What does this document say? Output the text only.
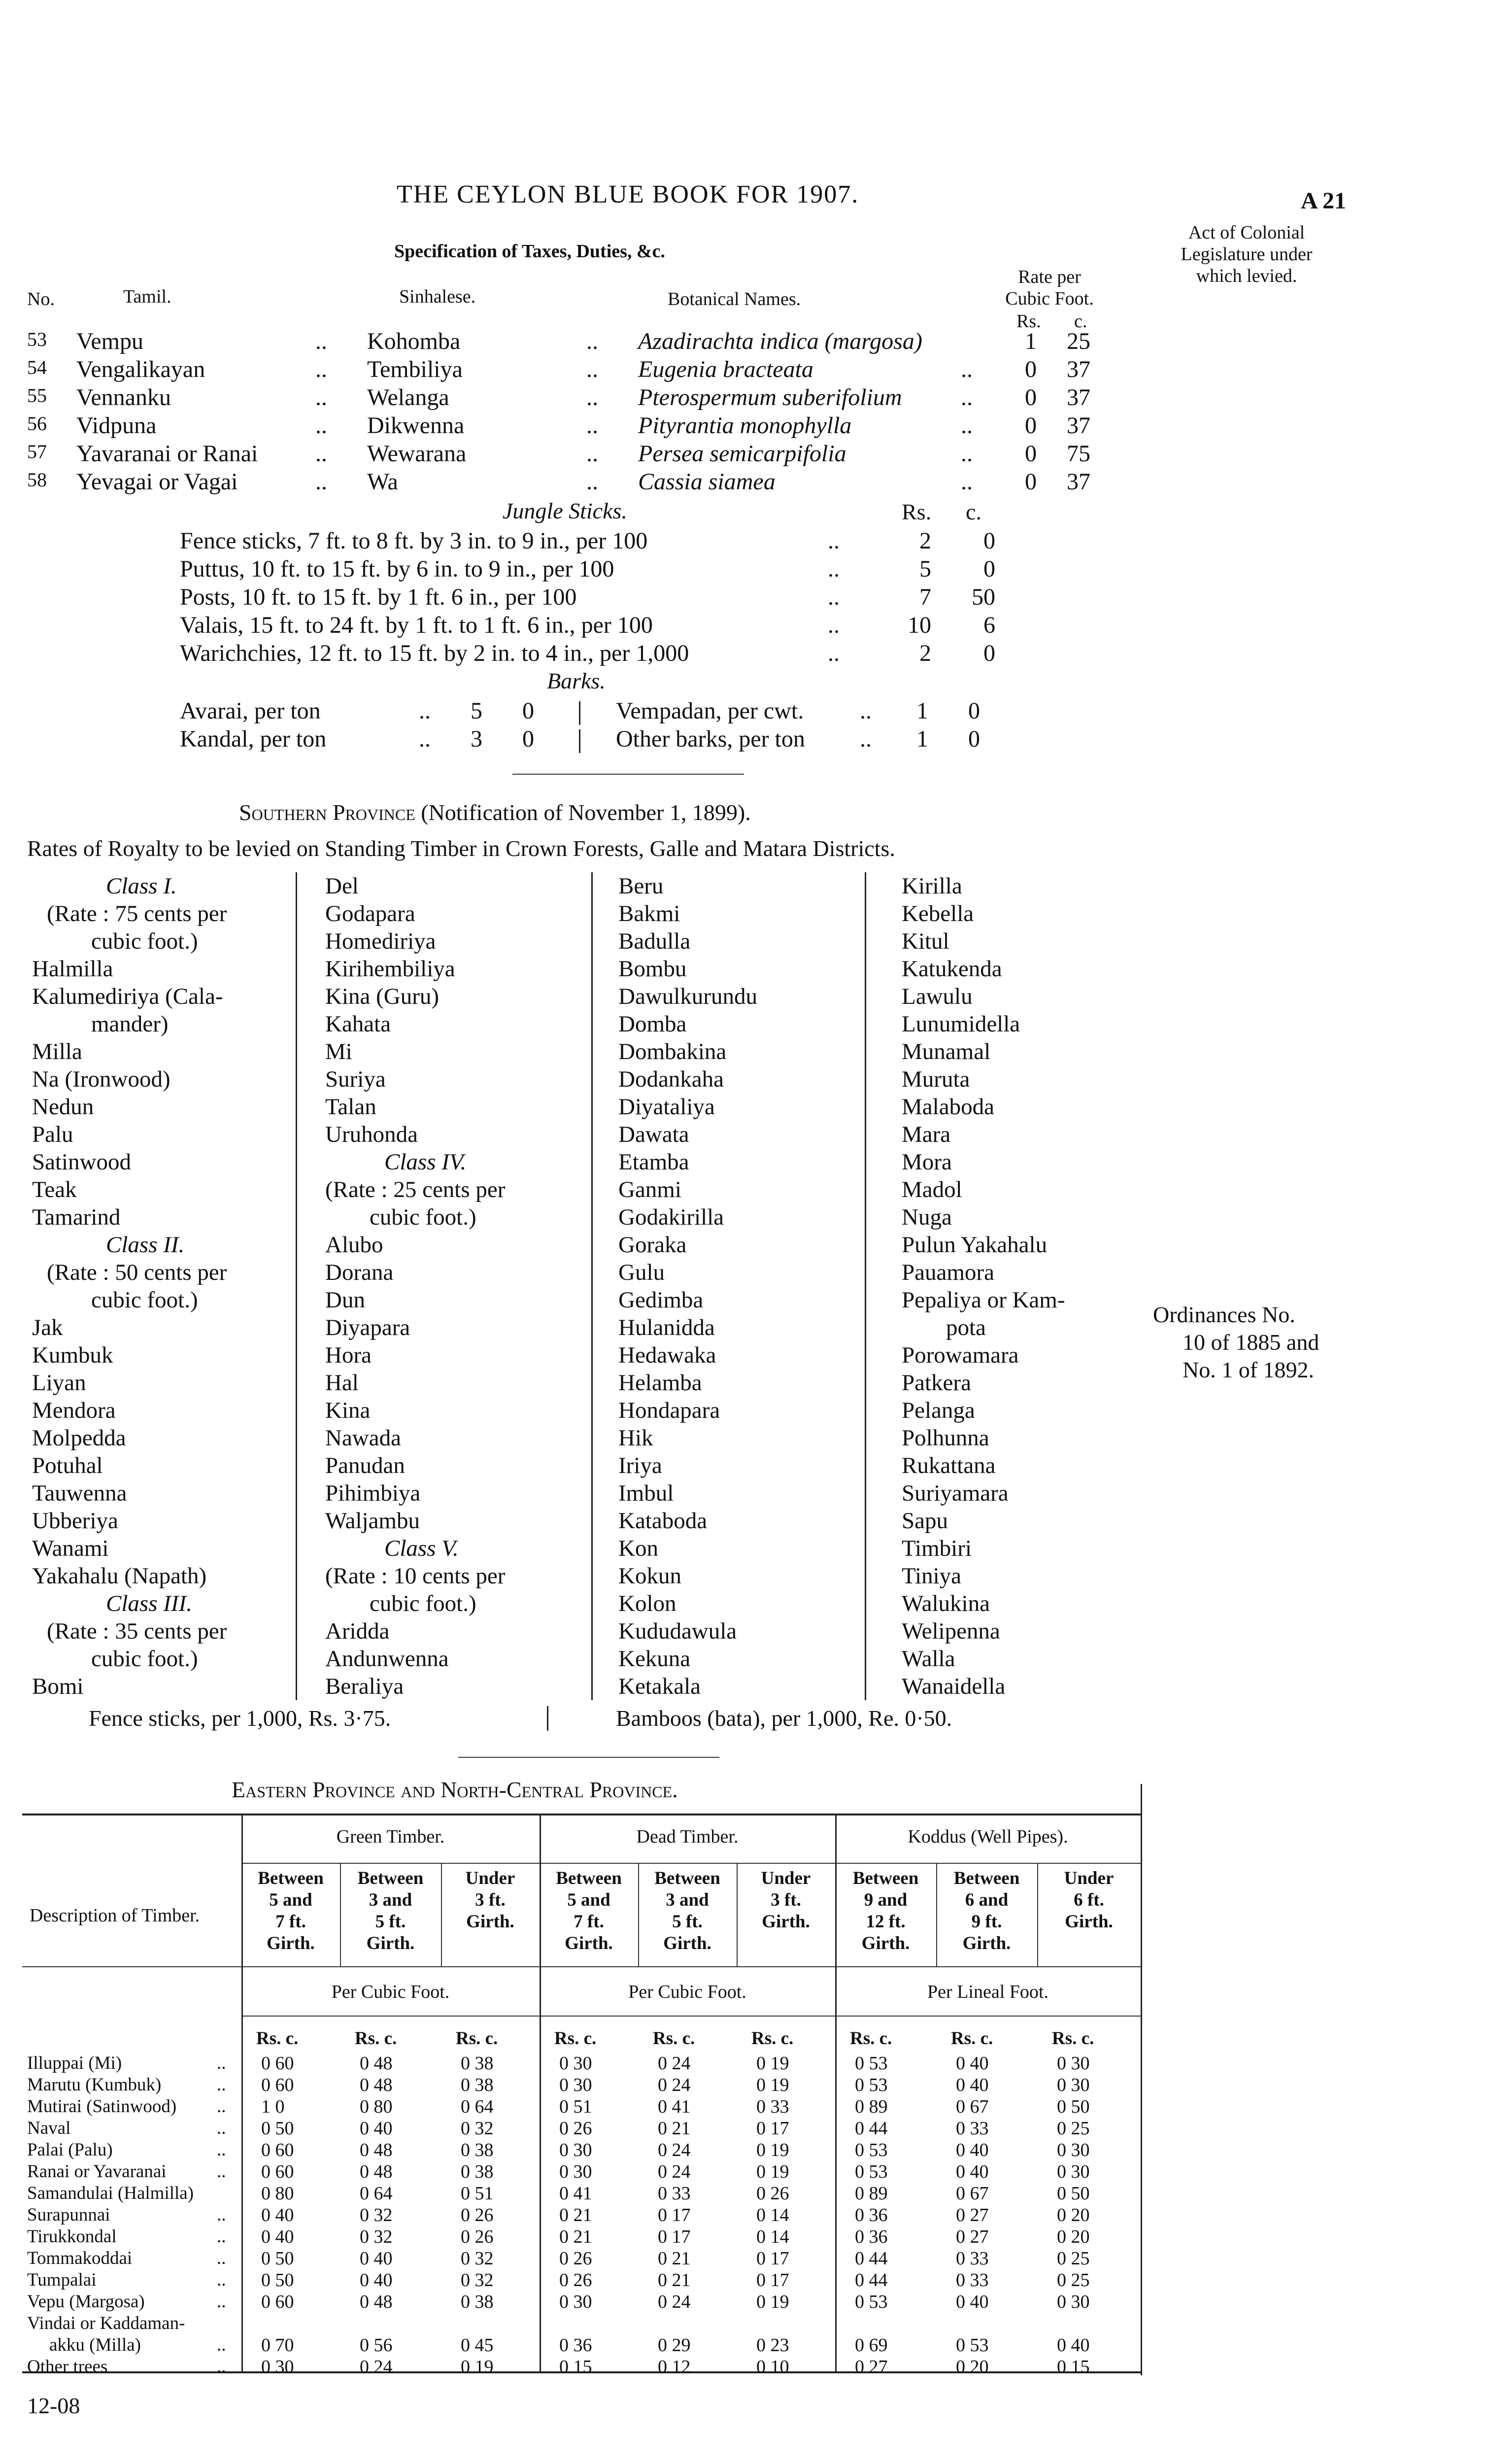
THE CEYLON BLUE BOOK FOR 1907.	A 21
Specification of Taxes, Duties, &c.
Act of Colonial
Legislature under
which levied.
No.	Tamil.	Sinhalese.	Botanical Names.
Rate per
Cubic Foot.
Rs. c.
53 Vempu	.. Kohomba	.. Azadirachta indica (margosa)	1 25
54 Vengalikayan	.. Tembiliya	.. Eugenia bracteata	.. 0 37
55 Vennanku	.. Welanga	.. Pterospermum suberifolium .. 0 37
56 Vidpuna	.. Dikwenna	.. Pityrantia monophylla	.. 0 37
57 Yavaranai or Ranai .. Wewarana	.. Persea semicarpifolia	.. 0 75
58 Yevagai or Vagai	.. Wa	.. Cassia siamea	.. 0 37
Jungle Sticks.	Rs. c.
Fence sticks, 7 ft. to 8 ft. by 3 in. to 9 in., per 100	..	2	0
Puttus, 10 ft. to 15 ft. by 6 in. to 9 in., per 100	..	5	0
Posts, 10 ft. to 15 ft. by 1 ft. 6 in., per 100	..	7	50
Valais, 15 ft. to 24 ft. by 1 ft. to 1 ft. 6 in., per 100	..	10	6
Warichchies, 12 ft. to 15 ft. by 2 in. to 4 in., per 1,000	..	2	0
Barks.
Avarai, per ton	.. 5 0	Vempadan, per cwt. .. 1 0
Kandal, per ton	.. 3 0	Other barks, per ton .. 1 0
Southern Province (Notification of November 1, 1899).
Rates of Royalty to be levied on Standing Timber in Crown Forests, Galle and Matara Districts.
Class I.
(Rate : 75 cents per
cubic foot.)
Halmilla
Kalumediriya (Cala-
mander)
Milla
Na (Ironwood)
Nedun
Palu
Satinwood
Teak
Tamarind
Class II.
(Rate : 50 cents per
cubic foot.)
Jak
Kumbuk
Liyan
Mendora
Molpedda
Potuhal
Tauwenna
Ubberiya
Wanami
Yakahalu (Napath)
Class III.
(Rate : 35 cents per
cubic foot.)
Bomi
Del
Godapara
Homediriya
Kirihembiliya
Kina (Guru)
Kahata
Mi
Suriya
Talan
Uruhonda
Class IV.
(Rate : 25 cents per
cubic foot.)
Alubo
Dorana
Dun
Diyapara
Hora
Hal
Kina
Nawada
Panudan
Pihimbiya
Waljambu
Class V.
(Rate : 10 cents per
cubic foot.)
Aridda
Andunwenna
Beraliya
Beru
Bakmi
Badulla
Bombu
Dawulkurundu
Domba
Dombakina
Dodankaha
Diyataliya
Dawata
Etamba
Ganmi
Godakirilla
Goraka
Gulu
Gedimba
Hulanidda
Hedawaka
Helamba
Hondapara
Hik
Iriya
Imbul
Kataboda
Kon
Kokun
Kolon
Kududawula
Kekuna
Ketakala
Kirilla
Kebella
Kitul
Katukenda
Lawulu
Lunumidella
Munamal
Muruta
Malaboda
Mara
Mora
Madol
Nuga
Pulun Yakahalu
Pauamora
Pepaliya or Kam-
pota
Porowamara
Patkera
Pelanga
Polhunna
Rukattana
Suriyamara
Sapu
Timbiri
Tiniya
Walukina
Welipenna
Walla
Wanaidella
Ordinances No.
10 of 1885 and
No. 1 of 1892.
Fence sticks, per 1,000, Rs. 3·75.	Bamboos (bata), per 1,000, Re. 0·50.
Eastern Province and North-Central Province.
Description of Timber.
Green Timber.	Dead Timber.	Koddus (Well Pipes).
Between
5 and
7 ft.
Girth.
Between
3 and
5 ft.
Girth.
Under
3 ft.
Girth.
Between
5 and
7 ft.
Girth.
Between
3 and
5 ft.
Girth.
Under
3 ft.
Girth.
Between
9 and
12 ft.
Girth.
Between
6 and
9 ft.
Girth.
Under
6 ft.
Girth.
Per Cubic Foot.	Per Cubic Foot.	Per Lineal Foot.
Rs. c.	Rs. c.	Rs. c.	Rs. c.	Rs. c.	Rs. c.	Rs. c.	Rs. c.	Rs. c.
Illuppai (Mi)	.. 0 60	0 48	0 38	0 30	0 24	0 19	0 53	0 40	0 30
Marutu (Kumbuk)	.. 0 60	0 48	0 38	0 30	0 24	0 19	0 53	0 40	0 30
Mutirai (Satinwood) .. 1 0	0 80	0 64	0 51	0 41	0 33	0 89	0 67	0 50
Naval	.. 0 50	0 40	0 32	0 26	0 21	0 17	0 44	0 33	0 25
Palai (Palu)	.. 0 60	0 48	0 38	0 30	0 24	0 19	0 53	0 40	0 30
Ranai or Yavaranai	.. 0 60	0 48	0 38	0 30	0 24	0 19	0 53	0 40	0 30
Samandulai (Halmilla)	0 80	0 64	0 51	0 41	0 33	0 26	0 89	0 67	0 50
Surapunnai	.. 0 40	0 32	0 26	0 21	0 17	0 14	0 36	0 27	0 20
Tirukkondal	.. 0 40	0 32	0 26	0 21	0 17	0 14	0 36	0 27	0 20
Tommakoddai	.. 0 50	0 40	0 32	0 26	0 21	0 17	0 44	0 33	0 25
Tumpalai	.. 0 50	0 40	0 32	0 26	0 21	0 17	0 44	0 33	0 25
Vepu (Margosa)	.. 0 60	0 48	0 38	0 30	0 24	0 19	0 53	0 40	0 30
Vindai or Kaddaman-
akku (Milla)	.. 0 70	0 56	0 45	0 36	0 29	0 23	0 69	0 53	0 40
Other trees	.. 0 30	0 24	0 19	0 15	0 12	0 10	0 27	0 20	0 15
12-08
